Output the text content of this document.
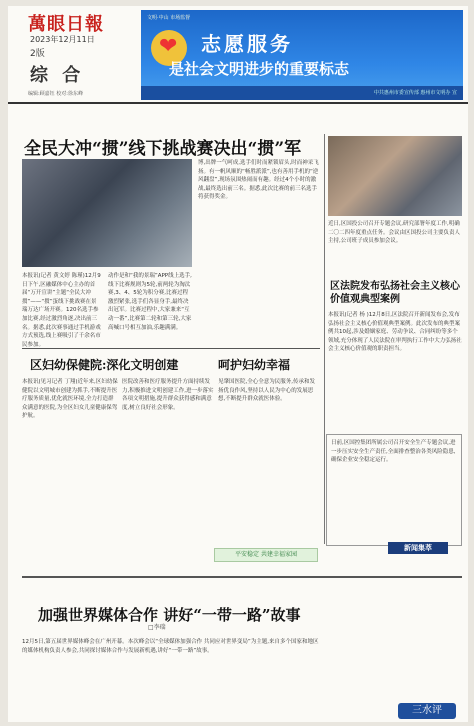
萬眼日報
2023年12月11日
2版
综 合
编辑:顾嘉钰 校对:徐东峰
文明·中山 市场监督
❤
志愿服务
是社会文明进步的重要标志
中共惠州市委宣传部 惠州市文明办 宣
全民大冲“掼”线下挑战赛决出“掼”军
本报讯(记者 黄文婷 陈瑾)12月9日下午,区融媒体中心主办的首届“万开宣讲”主题“全民大冲掼”——“掼”蛋线下挑战赛在景瑞万达广场开赛。120名选手参加比赛,经过激烈角逐,决出前三名。据悉,此次赛事通过手机游戏方式预选,线上赛吸引了千余名市民参加。
动作是和“我的景瑞”APP线上选手,线下比赛规则为5轮,前两轮为淘汰赛,3、4、5轮为积分赛,比赛过程激烈紧张,选手们各显身手,最终决出冠军。比赛过程中,大家兼来“互动一番”,比赛第二轮和第三轮,大家高喊口号相互加油,乐趣满满。
博,出牌一气呵成,选手们时而紧锁眉头,时而神采飞扬。有一帆风顺的“畅胜派派”,也有善用手机的“逆风翻盘”,现场氛围热闹而有趣。经过4个小时的激战,最终选出前三名。据悉,此次比赛的前三名选手将获得奖金。
近日,区国投公司召开专题会议,研究部署年度工作,明确二〇二四年度重点任务。会议由区国投公司主要负责人主持,公司班子成员参加会议。
区法院发布弘扬社会主义核心价值观典型案例
本报讯(记者 杨 )12月8日,区法院召开新闻发布会,发布弘扬社会主义核心价值观典型案例。此次发布的典型案例共10起,涉及婚姻家庭、劳动争议、合同纠纷等多个领域,充分体现了人民法院在审判执行工作中大力弘扬社会主义核心价值观的职责担当。
区妇幼保健院:深化文明创建	呵护妇幼幸福
本报讯(见习记者 丁翔)近年来,区妇幼保健院以文明城市创建为抓手,不断提升医疗服务质量,优化就医环境,全力打造群众满意的医院,为全区妇女儿童健康保驾护航。
医院改善和医疗服务提升方面持续发力,积极推进文明创建工作,进一步落实各项文明措施,提升群众获得感和满意度,树立良好社会形象。
见肇国医院,全心全意为民服务,传承和发扬优良作风,坚持以人民为中心的发展思想,不断提升群众就医体验。
平安稳定 共建幸福家园
日前,区国控集团所属公司召开安全生产专题会议,进一步压实安全生产责任,全面排查整治各类风险隐患,确保企业安全稳定运行。
新闻集萃
加强世界媒体合作 讲好“一带一路”故事
□李瑞
12月5日,第五届世界媒体峰会在广州开幕。本次峰会以“全球媒体加强合作 共同应对世界变局”为主题,来自多个国家和地区的媒体机构负责人参会,共同探讨媒体合作与发展新机遇,讲好“一带一路”故事。
三水评
